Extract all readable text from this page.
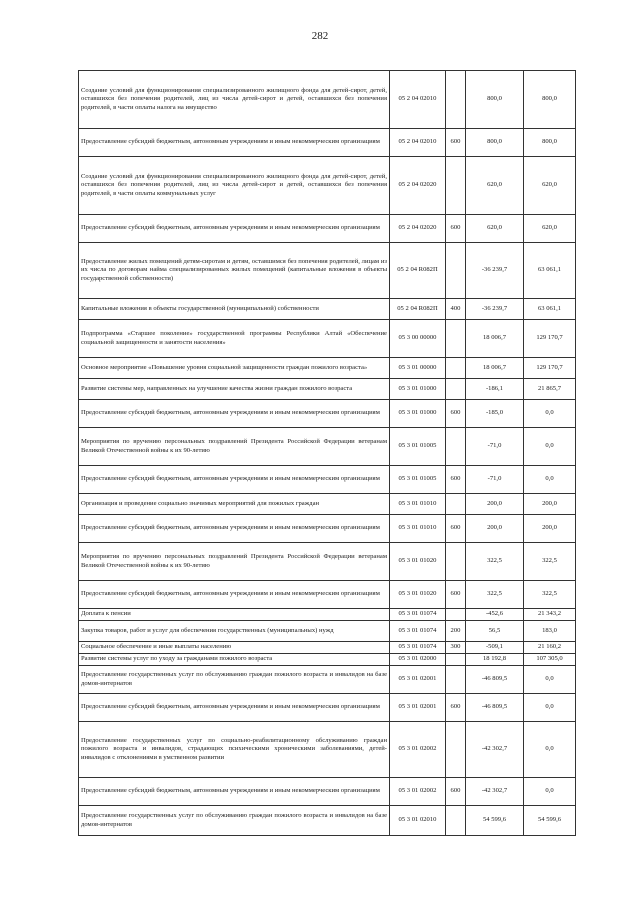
282
Создание условий для функционирования специализированного жилищного фонда для детей-сирот, детей, оставшихся без попечения родителей, лиц из числа детей-сирот и детей, оставшихся без попечения родителей, в части оплаты налога на имущество	05 2 04 02010		800,0	800,0
Предоставление субсидий бюджетным, автономным учреждениям и иным некоммерческим организациям	05 2 04 02010	600	800,0	800,0
Создание условий для функционирования специализированного жилищного фонда для детей-сирот, детей, оставшихся без попечения родителей, лиц из числа детей-сирот и детей, оставшихся без попечения родителей, в части оплаты коммунальных услуг	05 2 04 02020		620,0	620,0
Предоставление субсидий бюджетным, автономным учреждениям и иным некоммерческим организациям	05 2 04 02020	600	620,0	620,0
Предоставление жилых помещений детям-сиротам и детям, оставшимся без попечения родителей, лицам из их числа по договорам найма специализированных жилых помещений (капитальные вложения в объекты государственной собственности)	05 2 04 R082П		-36 239,7	63 061,1
Капитальные вложения в объекты государственной (муниципальной) собственности	05 2 04 R082П	400	-36 239,7	63 061,1
Подпрограмма «Старшее поколение» государственной программы Республики Алтай «Обеспечение социальной защищенности и занятости населения»	05 3 00 00000		18 006,7	129 170,7
Основное мероприятие «Повышение уровня социальной защищенности граждан пожилого возраста»	05 3 01 00000		18 006,7	129 170,7
Развитие системы мер, направленных на улучшение качества жизни граждан пожилого возраста	05 3 01 01000		-186,1	21 865,7
Предоставление субсидий бюджетным, автономным учреждениям и иным некоммерческим организациям	05 3 01 01000	600	-185,0	0,0
Мероприятия по вручению персональных поздравлений Президента Российской Федерации ветеранам Великой Отечественной войны к их 90-летию	05 3 01 01005		-71,0	0,0
Предоставление субсидий бюджетным, автономным учреждениям и иным некоммерческим организациям	05 3 01 01005	600	-71,0	0,0
Организация и проведение социально значимых мероприятий для пожилых граждан	05 3 01 01010		200,0	200,0
Предоставление субсидий бюджетным, автономным учреждениям и иным некоммерческим организациям	05 3 01 01010	600	200,0	200,0
Мероприятия по вручению персональных поздравлений Президента Российской Федерации ветеранам Великой Отечественной войны к их 90-летию	05 3 01 01020		322,5	322,5
Предоставление субсидий бюджетным, автономным учреждениям и иным некоммерческим организациям	05 3 01 01020	600	322,5	322,5
Доплата к пенсии	05 3 01 01074		-452,6	21 343,2
Закупка товаров, работ и услуг для обеспечения государственных (муниципальных) нужд	05 3 01 01074	200	56,5	183,0
Социальное обеспечение и иные выплаты населению	05 3 01 01074	300	-509,1	21 160,2
Развитие системы услуг по уходу за гражданами пожилого возраста	05 3 01 02000		18 192,8	107 305,0
Предоставление государственных услуг по обслуживанию граждан пожилого возраста и инвалидов на базе домов-интернатов	05 3 01 02001		-46 809,5	0,0
Предоставление субсидий бюджетным, автономным учреждениям и иным некоммерческим организациям	05 3 01 02001	600	-46 809,5	0,0
Предоставление государственных услуг по социально-реабилитационному обслуживанию граждан пожилого возраста и инвалидов, страдающих психическими хроническими заболеваниями, детей-инвалидов с отклонениями в умственном развитии	05 3 01 02002		-42 302,7	0,0
Предоставление субсидий бюджетным, автономным учреждениям и иным некоммерческим организациям	05 3 01 02002	600	-42 302,7	0,0
Предоставление государственных услуг по обслуживанию граждан пожилого возраста и инвалидов на базе домов-интернатов	05 3 01 02010		54 599,6	54 599,6
